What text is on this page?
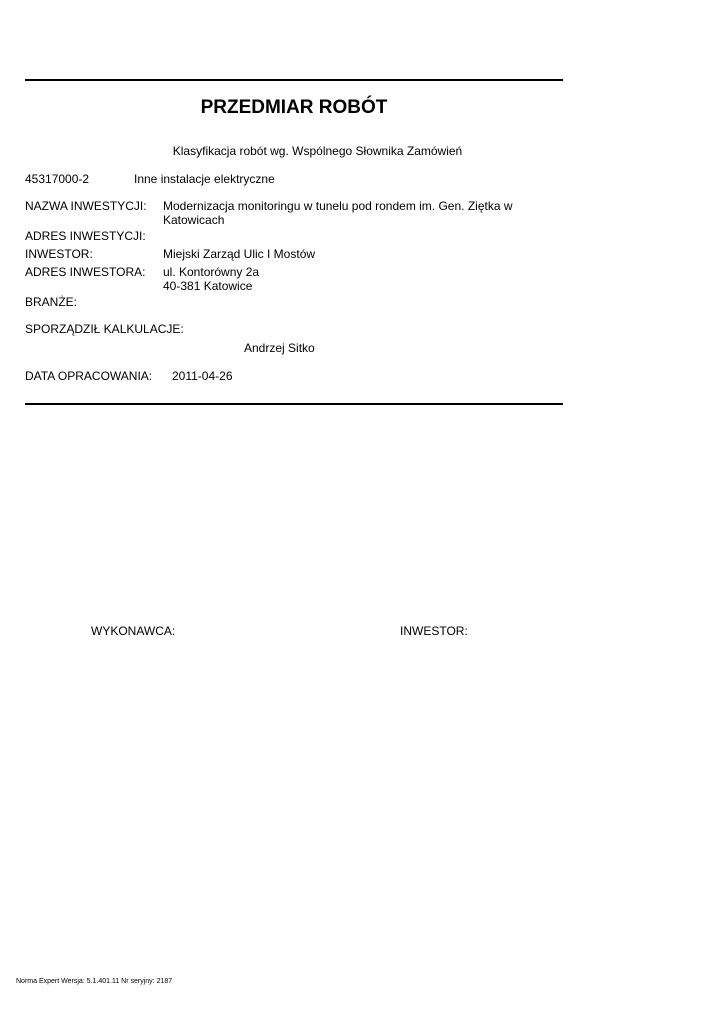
PRZEDMIAR ROBÓT
Klasyfikacja robót wg. Wspólnego Słownika Zamówień
45317000-2	Inne instalacje elektryczne
NAZWA INWESTYCJI: Modernizacja monitoringu w tunelu pod rondem im. Gen. Ziętka w
Katowicach
ADRES INWESTYCJI:
INWESTOR:	Miejski Zarząd Ulic I Mostów
ADRES INWESTORA: ul. Kontorówny 2a
40-381 Katowice
BRANŻE:
SPORZĄDZIŁ KALKULACJE:
Andrzej Sitko
DATA OPRACOWANIA: 2011-04-26
WYKONAWCA:	INWESTOR:
Norma Expert Wersja: 5.1.401.11 Nr seryjny: 2187
